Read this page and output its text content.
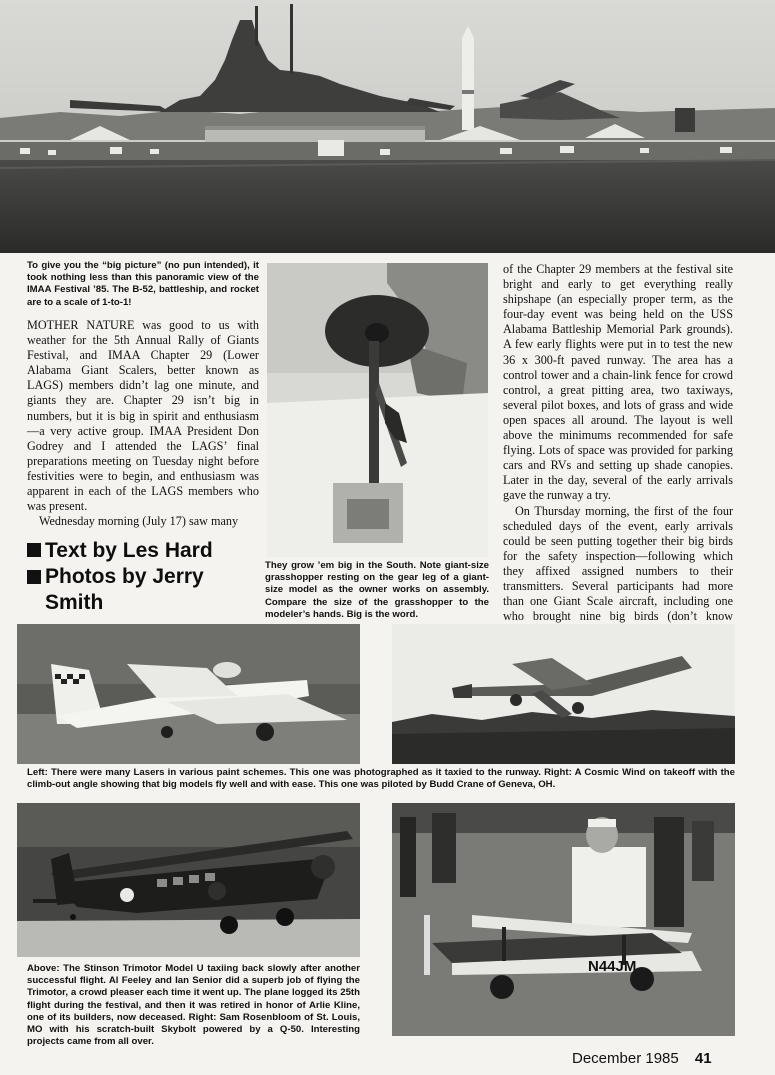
To give you the “big picture” (no pun intended), it took nothing less than this panoramic view of the IMAA Festival ’85. The B-52, battleship, and rocket are to a scale of 1-to-1!

MOTHER NATURE was good to us with weather for the 5th Annual Rally of Giants Festival, and IMAA Chapter 29 (Lower Alabama Giant Scalers, better known as LAGS) members didn’t lag one minute, and giants they are. Chapter 29 isn’t big in numbers, but it is big in spirit and enthusiasm—a very active group. IMAA President Don Godrey and I attended the LAGS’ final preparations meeting on Tuesday night before festivities were to begin, and enthusiasm was apparent in each of the LAGS members who was present.

Wednesday morning (July 17) saw many

Text by Les Hard
Photos by Jerry Smith
They grow ’em big in the South. Note giant-size grasshopper resting on the gear leg of a giant-size model as the owner works on assembly. Compare the size of the grasshopper to the modeler’s hands. Big is the word.

of the Chapter 29 members at the festival site bright and early to get everything really shipshape (an especially proper term, as the four-day event was being held on the USS Alabama Battleship Memorial Park grounds). A few early flights were put in to test the new 36 x 300-ft paved runway. The area has a control tower and a chain-link fence for crowd control, a great pitting area, two taxiways, several pilot boxes, and lots of grass and wide open spaces all around. The layout is well above the minimums recommended for safe flying. Lots of space was provided for parking cars and RVs and setting up shade canopies. Later in the day, several of the early arrivals gave the runway a try.

On Thursday morning, the first of the four scheduled days of the event, early arrivals could be seen putting together their big birds for the safety inspection—following which they affixed assigned numbers to their transmitters. Several participants had more than one Giant Scale aircraft, including one who brought nine big birds (don’t know

Left: There were many Lasers in various paint schemes. This one was photographed as it taxied to the runway. Right: A Cosmic Wind on takeoff with the climb-out angle showing that big models fly well and with ease. This one was piloted by Budd Crane of Geneva, OH.
Above: The Stinson Trimotor Model U taxiing back slowly after another successful flight. Al Feeley and Ian Senior did a superb job of flying the Trimotor, a crowd pleaser each time it went up. The plane logged its 25th flight during the festival, and then it was retired in honor of Arlie Kline, one of its builders, now deceased. Right: Sam Rosenbloom of St. Louis, MO with his scratch-built Skybolt powered by a Q-50. Interesting projects came from all over.
N44JM
December 1985 41
